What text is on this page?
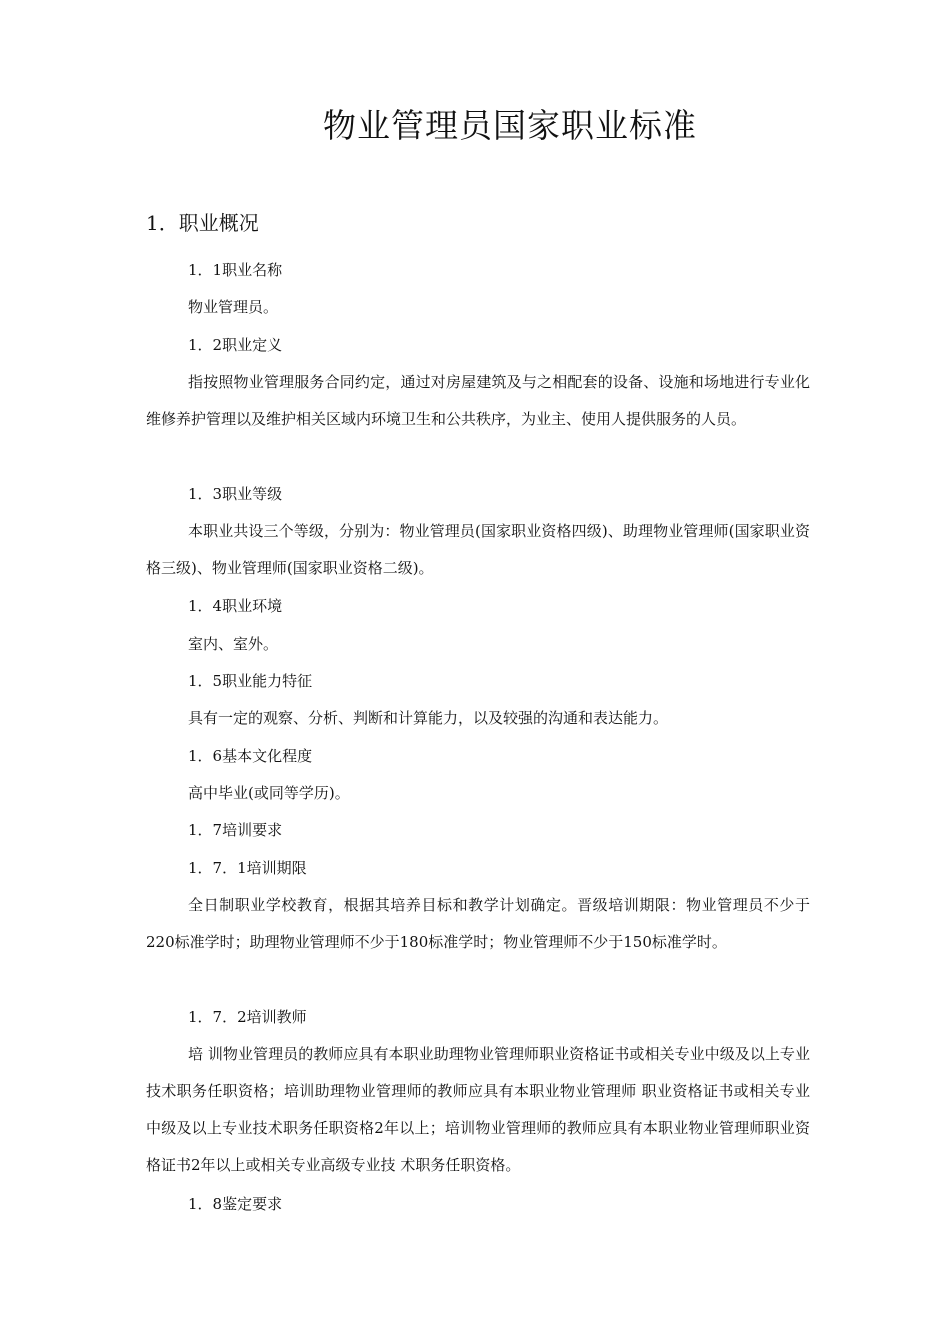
物业管理员国家职业标准
1．职业概况
1．1职业名称
物业管理员。
1．2职业定义
指按照物业管理服务合同约定，通过对房屋建筑及与之相配套的设备、设施和场地进行专业化维修养护管理以及维护相关区域内环境卫生和公共秩序，为业主、使用人提供服务的人员。
1．3职业等级
本职业共设三个等级，分别为：物业管理员(国家职业资格四级)、助理物业管理师(国家职业资格三级)、物业管理师(国家职业资格二级)。
1．4职业环境
室内、室外。
1．5职业能力特征
具有一定的观察、分析、判断和计算能力，以及较强的沟通和表达能力。
1．6基本文化程度
高中毕业(或同等学历)。
1．7培训要求
1．7．1培训期限
全日制职业学校教育，根据其培养目标和教学计划确定。晋级培训期限：物业管理员不少于220标准学时；助理物业管理师不少于180标准学时；物业管理师不少于150标准学时。
1．7．2培训教师
培 训物业管理员的教师应具有本职业助理物业管理师职业资格证书或相关专业中级及以上专业技术职务任职资格；培训助理物业管理师的教师应具有本职业物业管理师 职业资格证书或相关专业中级及以上专业技术职务任职资格2年以上；培训物业管理师的教师应具有本职业物业管理师职业资格证书2年以上或相关专业高级专业技 术职务任职资格。
1．8鉴定要求
